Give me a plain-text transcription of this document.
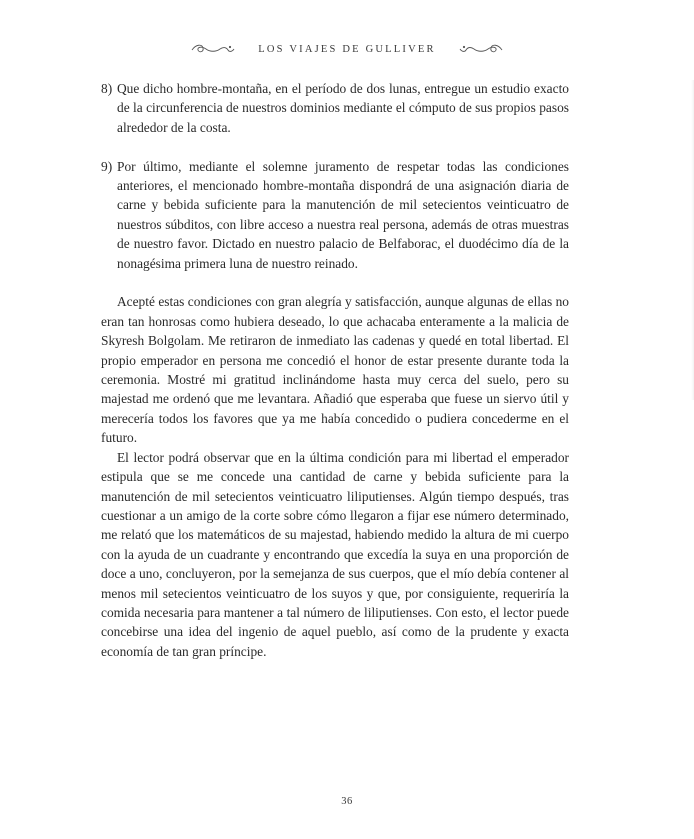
LOS VIAJES DE GULLIVER
8) Que dicho hombre-montaña, en el período de dos lunas, entregue un estudio exacto de la circunferencia de nuestros dominios mediante el cómputo de sus propios pasos alrededor de la costa.
9) Por último, mediante el solemne juramento de respetar todas las condiciones anteriores, el mencionado hombre-montaña dispondrá de una asignación diaria de carne y bebida suficiente para la manutención de mil setecientos veinticuatro de nuestros súbditos, con libre acceso a nuestra real persona, además de otras muestras de nuestro favor. Dictado en nuestro palacio de Belfaborac, el duodécimo día de la nonagésima primera luna de nuestro reinado.

Acepté estas condiciones con gran alegría y satisfacción, aunque algunas de ellas no eran tan honrosas como hubiera deseado, lo que achacaba enteramente a la malicia de Skyresh Bolgolam. Me retiraron de inmediato las cadenas y quedé en total libertad. El propio emperador en persona me concedió el honor de estar presente durante toda la ceremonia. Mostré mi gratitud inclinándome hasta muy cerca del suelo, pero su majestad me ordenó que me levantara. Añadió que esperaba que fuese un siervo útil y merecería todos los favores que ya me había concedido o pudiera concederme en el futuro.

El lector podrá observar que en la última condición para mi libertad el emperador estipula que se me concede una cantidad de carne y bebida suficiente para la manutención de mil setecientos veinticuatro liliputienses. Algún tiempo después, tras cuestionar a un amigo de la corte sobre cómo llegaron a fijar ese número determinado, me relató que los matemáticos de su majestad, habiendo medido la altura de mi cuerpo con la ayuda de un cuadrante y encontrando que excedía la suya en una proporción de doce a uno, concluyeron, por la semejanza de sus cuerpos, que el mío debía contener al menos mil setecientos veinticuatro de los suyos y que, por consiguiente, requeriría la comida necesaria para mantener a tal número de liliputienses. Con esto, el lector puede concebirse una idea del ingenio de aquel pueblo, así como de la prudente y exacta economía de tan gran príncipe.

36
